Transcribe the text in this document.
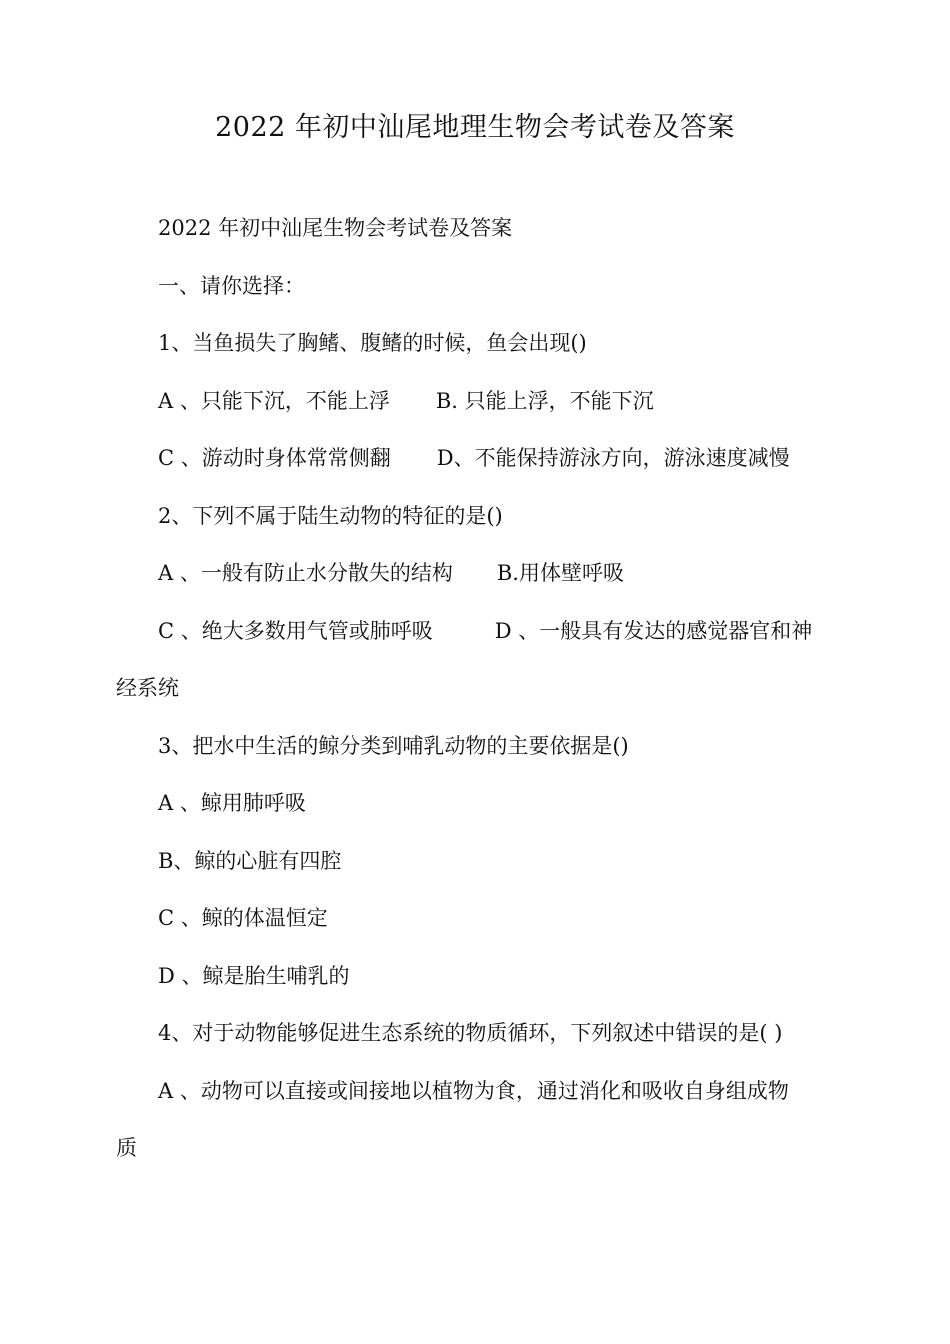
2022 年初中汕尾地理生物会考试卷及答案
2022 年初中汕尾生物会考试卷及答案
一、请你选择：
1、当鱼损失了胸鳍、腹鳍的时候，鱼会出现()
A 、只能下沉，不能上浮 B. 只能上浮，不能下沉
C 、游动时身体常常侧翻 D、不能保持游泳方向，游泳速度减慢
2、下列不属于陆生动物的特征的是()
A 、一般有防止水分散失的结构 B.用体壁呼吸
C 、绝大多数用气管或肺呼吸	D 、一般具有发达的感觉器官和神
经系统
3、把水中生活的鲸分类到哺乳动物的主要依据是()
A 、鲸用肺呼吸
B、鲸的心脏有四腔
C 、鲸的体温恒定
D 、鲸是胎生哺乳的
4、对于动物能够促进生态系统的物质循环，下列叙述中错误的是( )
A 、动物可以直接或间接地以植物为食，通过消化和吸收自身组成物
质
